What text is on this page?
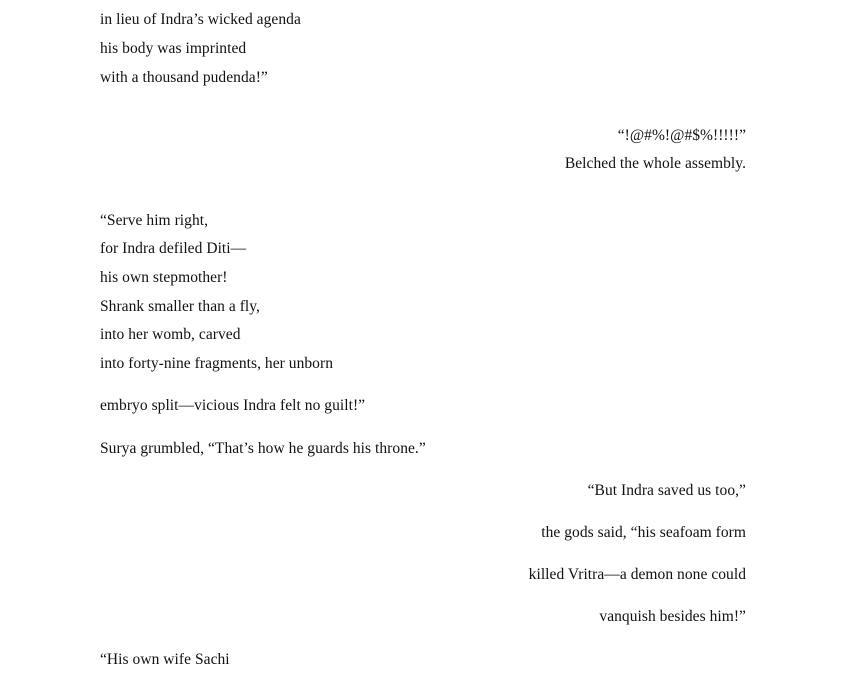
in lieu of Indra’s wicked agenda
his body was imprinted
with a thousand pudenda!”
“!@#%!@#$%!!!!!”
Belched the whole assembly.
“Serve him right,
for Indra defiled Diti—
his own stepmother!
Shrank smaller than a fly,
into her womb, carved
into forty-nine fragments, her unborn
embryo split—vicious Indra felt no guilt!”
Surya grumbled, “That’s how he guards his throne.”
“But Indra saved us too,”
the gods said, “his seafoam form
killed Vritra—a demon none could
vanquish besides him!”
“His own wife Sachi
